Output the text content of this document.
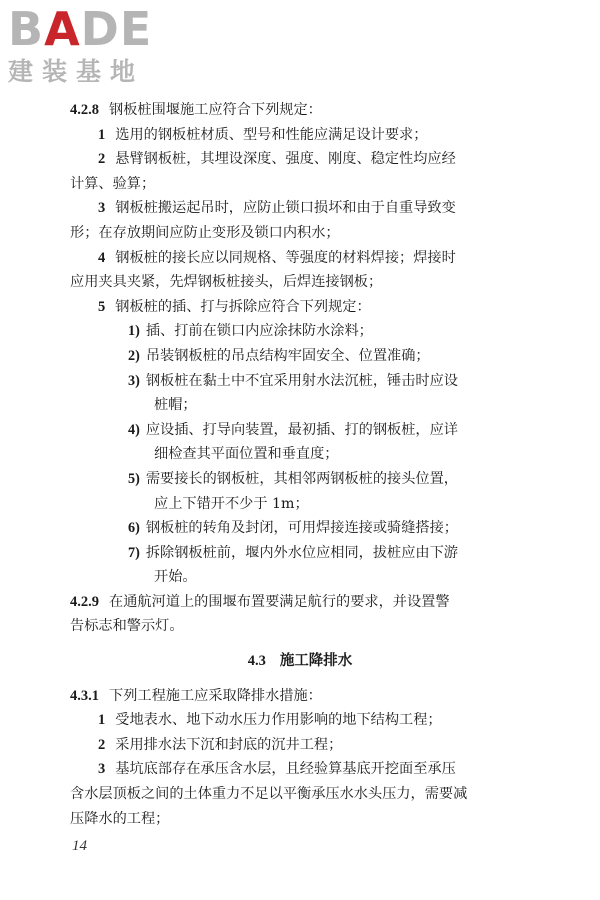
B A DE
建装基地
4.2.8 钢板桩围堰施工应符合下列规定：
1 选用的钢板桩材质、型号和性能应满足设计要求；
2 悬臂钢板桩，其埋设深度、强度、刚度、稳定性均应经
计算、验算；
3 钢板桩搬运起吊时，应防止锁口损坏和由于自重导致变
形；在存放期间应防止变形及锁口内积水；
4 钢板桩的接长应以同规格、等强度的材料焊接；焊接时
应用夹具夹紧，先焊钢板桩接头，后焊连接钢板；
5 钢板桩的插、打与拆除应符合下列规定：
1) 插、打前在锁口内应涂抹防水涂料；
2) 吊装钢板桩的吊点结构牢固安全、位置准确；
3) 钢板桩在黏土中不宜采用射水法沉桩，锤击时应设
桩帽；
4) 应设插、打导向装置，最初插、打的钢板桩，应详
细检查其平面位置和垂直度；
5) 需要接长的钢板桩，其相邻两钢板桩的接头位置，
应上下错开不少于 1m；
6) 钢板桩的转角及封闭，可用焊接连接或骑缝搭接；
7) 拆除钢板桩前，堰内外水位应相同，拔桩应由下游
开始。
4.2.9 在通航河道上的围堰布置要满足航行的要求，并设置警
告标志和警示灯。
4.3 施工降排水
4.3.1 下列工程施工应采取降排水措施：
1 受地表水、地下动水压力作用影响的地下结构工程；
2 采用排水法下沉和封底的沉井工程；
3 基坑底部存在承压含水层，且经验算基底开挖面至承压
含水层顶板之间的土体重力不足以平衡承压水水头压力，需要减
压降水的工程；
14
